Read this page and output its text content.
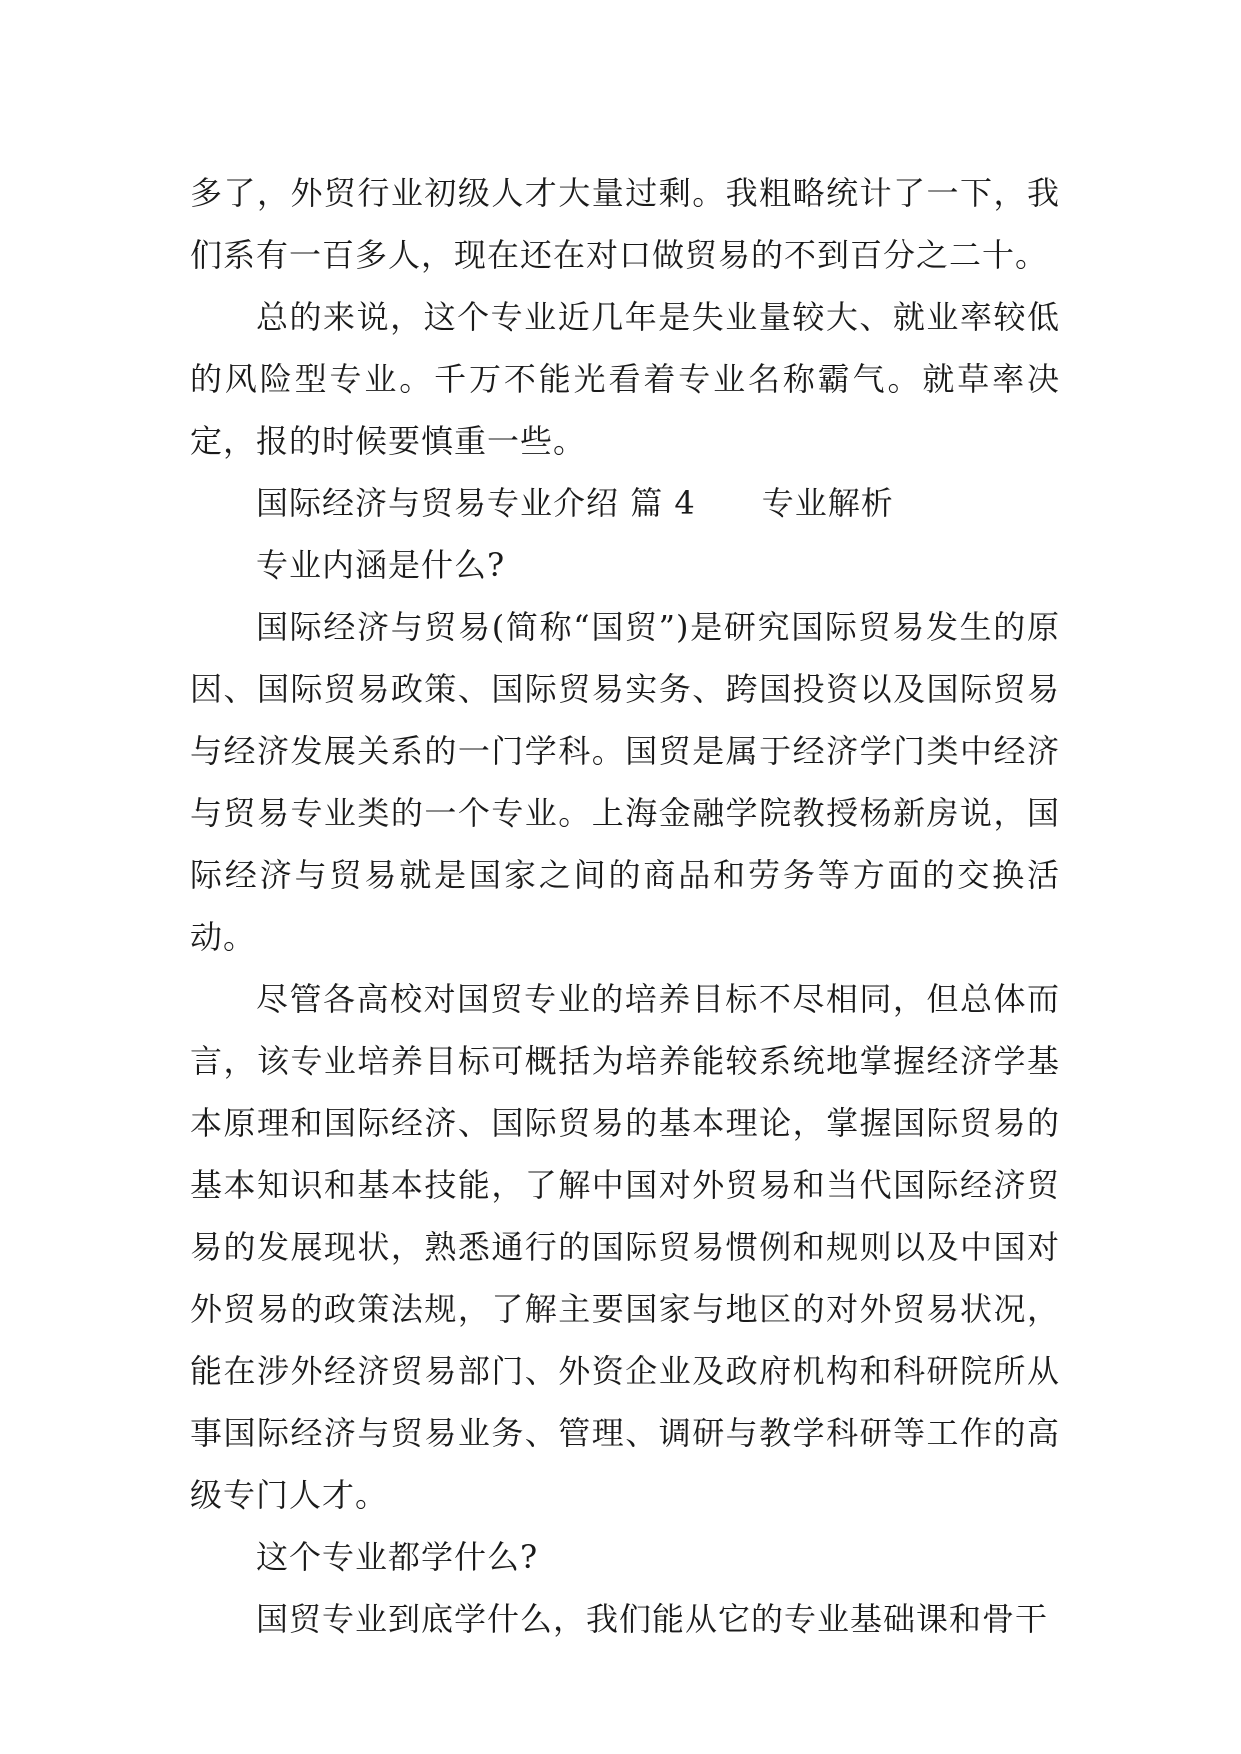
多了，外贸行业初级人才大量过剩。我粗略统计了一下，我们系有一百多人，现在还在对口做贸易的不到百分之二十。

总的来说，这个专业近几年是失业量较大、就业率较低的风险型专业。千万不能光看着专业名称霸气。就草率决定，报的时候要慎重一些。

国际经济与贸易专业介绍 篇 4 专业解析

专业内涵是什么?

国际经济与贸易(简称“国贸”)是研究国际贸易发生的原因、国际贸易政策、国际贸易实务、跨国投资以及国际贸易与经济发展关系的一门学科。国贸是属于经济学门类中经济与贸易专业类的一个专业。上海金融学院教授杨新房说，国际经济与贸易就是国家之间的商品和劳务等方面的交换活动。

尽管各高校对国贸专业的培养目标不尽相同，但总体而言，该专业培养目标可概括为培养能较系统地掌握经济学基本原理和国际经济、国际贸易的基本理论，掌握国际贸易的基本知识和基本技能，了解中国对外贸易和当代国际经济贸易的发展现状，熟悉通行的国际贸易惯例和规则以及中国对外贸易的政策法规，了解主要国家与地区的对外贸易状况，能在涉外经济贸易部门、外资企业及政府机构和科研院所从事国际经济与贸易业务、管理、调研与教学科研等工作的高级专门人才。

这个专业都学什么?

国贸专业到底学什么，我们能从它的专业基础课和骨干
